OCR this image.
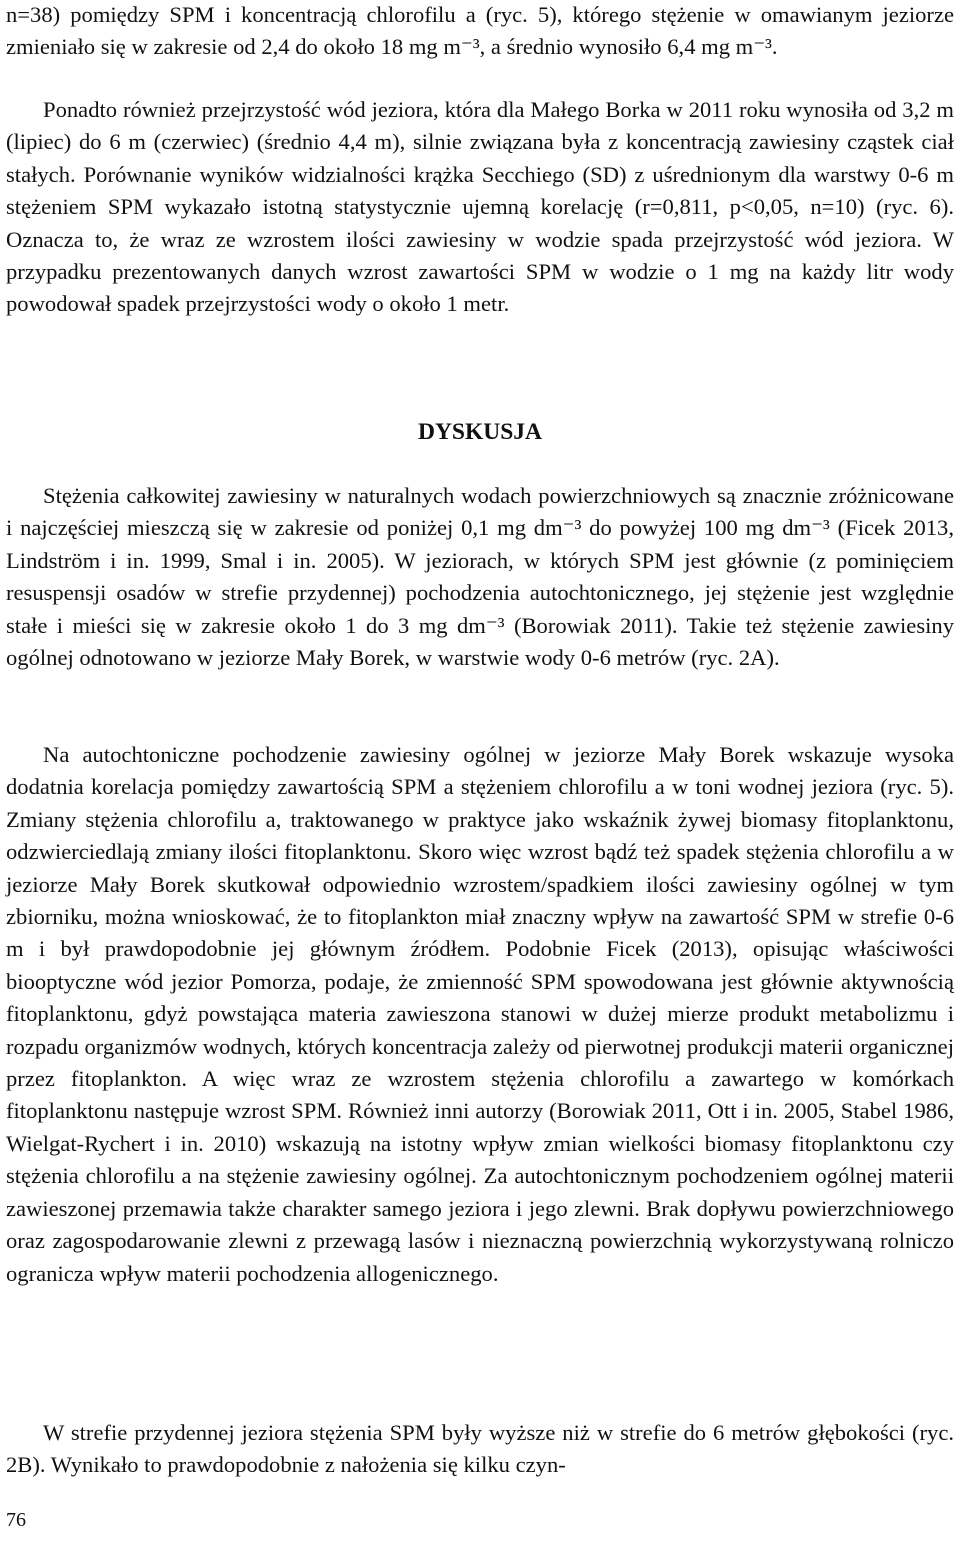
n=38) pomiędzy SPM i koncentracją chlorofilu a (ryc. 5), którego stężenie w omawianym jeziorze zmieniało się w zakresie od 2,4 do około 18 mg m⁻³, a średnio wynosiło 6,4 mg m⁻³.

Ponadto również przejrzystość wód jeziora, która dla Małego Borka w 2011 roku wynosiła od 3,2 m (lipiec) do 6 m (czerwiec) (średnio 4,4 m), silnie związana była z koncentracją zawiesiny cząstek ciał stałych. Porównanie wyników widzialności krążka Secchiego (SD) z uśrednionym dla warstwy 0-6 m stężeniem SPM wykazało istotną statystycznie ujemną korelację (r=0,811, p<0,05, n=10) (ryc. 6). Oznacza to, że wraz ze wzrostem ilości zawiesiny w wodzie spada przejrzystość wód jeziora. W przypadku prezentowanych danych wzrost zawartości SPM w wodzie o 1 mg na każdy litr wody powodował spadek przejrzystości wody o około 1 metr.

DYSKUSJA

Stężenia całkowitej zawiesiny w naturalnych wodach powierzchniowych są znacznie zróżnicowane i najczęściej mieszczą się w zakresie od poniżej 0,1 mg dm⁻³ do powyżej 100 mg dm⁻³ (Ficek 2013, Lindström i in. 1999, Smal i in. 2005). W jeziorach, w których SPM jest głównie (z pominięciem resuspensji osadów w strefie przydennej) pochodzenia autochtonicznego, jej stężenie jest względnie stałe i mieści się w zakresie około 1 do 3 mg dm⁻³ (Borowiak 2011). Takie też stężenie zawiesiny ogólnej odnotowano w jeziorze Mały Borek, w warstwie wody 0-6 metrów (ryc. 2A).

Na autochtoniczne pochodzenie zawiesiny ogólnej w jeziorze Mały Borek wskazuje wysoka dodatnia korelacja pomiędzy zawartością SPM a stężeniem chlorofilu a w toni wodnej jeziora (ryc. 5). Zmiany stężenia chlorofilu a, traktowanego w praktyce jako wskaźnik żywej biomasy fitoplanktonu, odzwierciedlają zmiany ilości fitoplanktonu. Skoro więc wzrost bądź też spadek stężenia chlorofilu a w jeziorze Mały Borek skutkował odpowiednio wzrostem/spadkiem ilości zawiesiny ogólnej w tym zbiorniku, można wnioskować, że to fitoplankton miał znaczny wpływ na zawartość SPM w strefie 0-6 m i był prawdopodobnie jej głównym źródłem. Podobnie Ficek (2013), opisując właściwości biooptyczne wód jezior Pomorza, podaje, że zmienność SPM spowodowana jest głównie aktywnością fitoplanktonu, gdyż powstająca materia zawieszona stanowi w dużej mierze produkt metabolizmu i rozpadu organizmów wodnych, których koncentracja zależy od pierwotnej produkcji materii organicznej przez fitoplankton. A więc wraz ze wzrostem stężenia chlorofilu a zawartego w komórkach fitoplanktonu następuje wzrost SPM. Również inni autorzy (Borowiak 2011, Ott i in. 2005, Stabel 1986, Wielgat-Rychert i in. 2010) wskazują na istotny wpływ zmian wielkości biomasy fitoplanktonu czy stężenia chlorofilu a na stężenie zawiesiny ogólnej. Za autochtonicznym pochodzeniem ogólnej materii zawieszonej przemawia także charakter samego jeziora i jego zlewni. Brak dopływu powierzchniowego oraz zagospodarowanie zlewni z przewagą lasów i nieznaczną powierzchnią wykorzystywaną rolniczo ogranicza wpływ materii pochodzenia allogenicznego.

W strefie przydennej jeziora stężenia SPM były wyższe niż w strefie do 6 metrów głębokości (ryc. 2B). Wynikało to prawdopodobnie z nałożenia się kilku czyn-

76
